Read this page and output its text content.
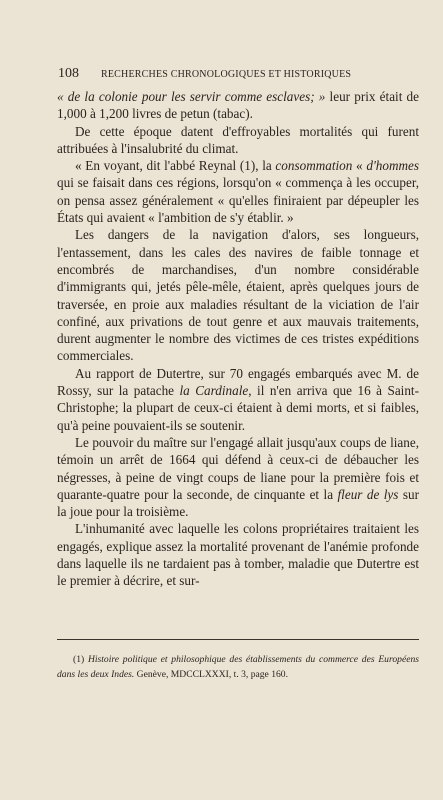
108 RECHERCHES CHRONOLOGIQUES ET HISTORIQUES

« de la colonie pour les servir comme esclaves; » leur prix était de 1,000 à 1,200 livres de petun (tabac).

De cette époque datent d'effroyables mortalités qui furent attribuées à l'insalubrité du climat.

« En voyant, dit l'abbé Reynal (1), la consommation « d'hommes qui se faisait dans ces régions, lorsqu'on « commença à les occuper, on pensa assez généralement « qu'elles finiraient par dépeupler les États qui avaient « l'ambition de s'y établir. »

Les dangers de la navigation d'alors, ses longueurs, l'entassement, dans les cales des navires de faible tonnage et encombrés de marchandises, d'un nombre considérable d'immigrants qui, jetés pêle-mêle, étaient, après quelques jours de traversée, en proie aux maladies résultant de la viciation de l'air confiné, aux privations de tout genre et aux mauvais traitements, durent augmenter le nombre des victimes de ces tristes expéditions commerciales.

Au rapport de Dutertre, sur 70 engagés embarqués avec M. de Rossy, sur la patache la Cardinale, il n'en arriva que 16 à Saint-Christophe; la plupart de ceux-ci étaient à demi morts, et si faibles, qu'à peine pouvaient-ils se soutenir.

Le pouvoir du maître sur l'engagé allait jusqu'aux coups de liane, témoin un arrêt de 1664 qui défend à ceux-ci de débaucher les négresses, à peine de vingt coups de liane pour la première fois et quarante-quatre pour la seconde, de cinquante et la fleur de lys sur la joue pour la troisième.

L'inhumanité avec laquelle les colons propriétaires traitaient les engagés, explique assez la mortalité provenant de l'anémie profonde dans laquelle ils ne tardaient pas à tomber, maladie que Dutertre est le premier à décrire, et sur-

(1) Histoire politique et philosophique des établissements du commerce des Européens dans les deux Indes. Genève, MDCCLXXXI, t. 3, page 160.
